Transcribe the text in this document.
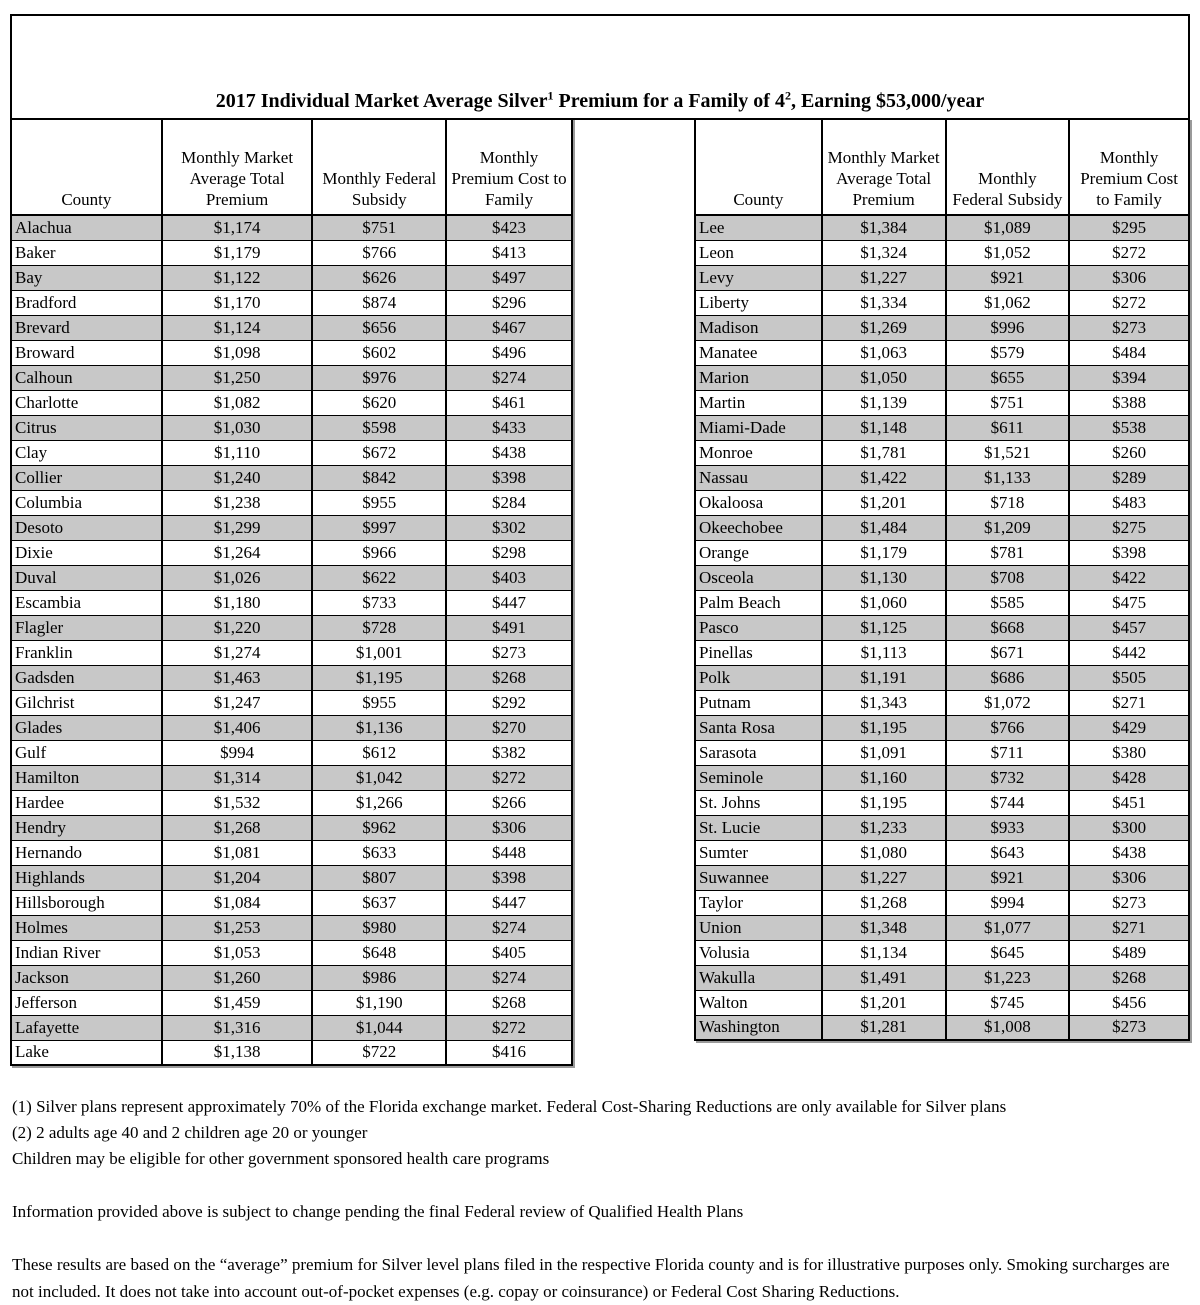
2017 Individual Market Average Silver$^1$ Premium for a Family of $4^2$, Earning $53,000/year
County	Monthly Market Average Total Premium	Monthly Federal Subsidy	Monthly Premium Cost to Family
Alachua	$1,174	$751	$423
Baker	$1,179	$766	$413
Bay	$1,122	$626	$497
Bradford	$1,170	$874	$296
Brevard	$1,124	$656	$467
Broward	$1,098	$602	$496
Calhoun	$1,250	$976	$274
Charlotte	$1,082	$620	$461
Citrus	$1,030	$598	$433
Clay	$1,110	$672	$438
Collier	$1,240	$842	$398
Columbia	$1,238	$955	$284
Desoto	$1,299	$997	$302
Dixie	$1,264	$966	$298
Duval	$1,026	$622	$403
Escambia	$1,180	$733	$447
Flagler	$1,220	$728	$491
Franklin	$1,274	$1,001	$273
Gadsden	$1,463	$1,195	$268
Gilchrist	$1,247	$955	$292
Glades	$1,406	$1,136	$270
Gulf	$994	$612	$382
Hamilton	$1,314	$1,042	$272
Hardee	$1,532	$1,266	$266
Hendry	$1,268	$962	$306
Hernando	$1,081	$633	$448
Highlands	$1,204	$807	$398
Hillsborough	$1,084	$637	$447
Holmes	$1,253	$980	$274
Indian River	$1,053	$648	$405
Jackson	$1,260	$986	$274
Jefferson	$1,459	$1,190	$268
Lafayette	$1,316	$1,044	$272
Lake	$1,138	$722	$416
County	Monthly Market Average Total Premium	Monthly Federal Subsidy	Monthly Premium Cost to Family
Lee	$1,384	$1,089	$295
Leon	$1,324	$1,052	$272
Levy	$1,227	$921	$306
Liberty	$1,334	$1,062	$272
Madison	$1,269	$996	$273
Manatee	$1,063	$579	$484
Marion	$1,050	$655	$394
Martin	$1,139	$751	$388
Miami-Dade	$1,148	$611	$538
Monroe	$1,781	$1,521	$260
Nassau	$1,422	$1,133	$289
Okaloosa	$1,201	$718	$483
Okeechobee	$1,484	$1,209	$275
Orange	$1,179	$781	$398
Osceola	$1,130	$708	$422
Palm Beach	$1,060	$585	$475
Pasco	$1,125	$668	$457
Pinellas	$1,113	$671	$442
Polk	$1,191	$686	$505
Putnam	$1,343	$1,072	$271
Santa Rosa	$1,195	$766	$429
Sarasota	$1,091	$711	$380
Seminole	$1,160	$732	$428
St. Johns	$1,195	$744	$451
St. Lucie	$1,233	$933	$300
Sumter	$1,080	$643	$438
Suwannee	$1,227	$921	$306
Taylor	$1,268	$994	$273
Union	$1,348	$1,077	$271
Volusia	$1,134	$645	$489
Wakulla	$1,491	$1,223	$268
Walton	$1,201	$745	$456
Washington	$1,281	$1,008	$273
(1) Silver plans represent approximately 70% of the Florida exchange market. Federal Cost-Sharing Reductions are only available for Silver plans
(2) 2 adults age 40 and 2 children age 20 or younger
Children may be eligible for other government sponsored health care programs

Information provided above is subject to change pending the final Federal review of Qualified Health Plans

These results are based on the “average” premium for Silver level plans filed in the respective Florida county and is for illustrative purposes only. Smoking surcharges are not included. It does not take into account out-of-pocket expenses (e.g. copay or coinsurance) or Federal Cost Sharing Reductions.
